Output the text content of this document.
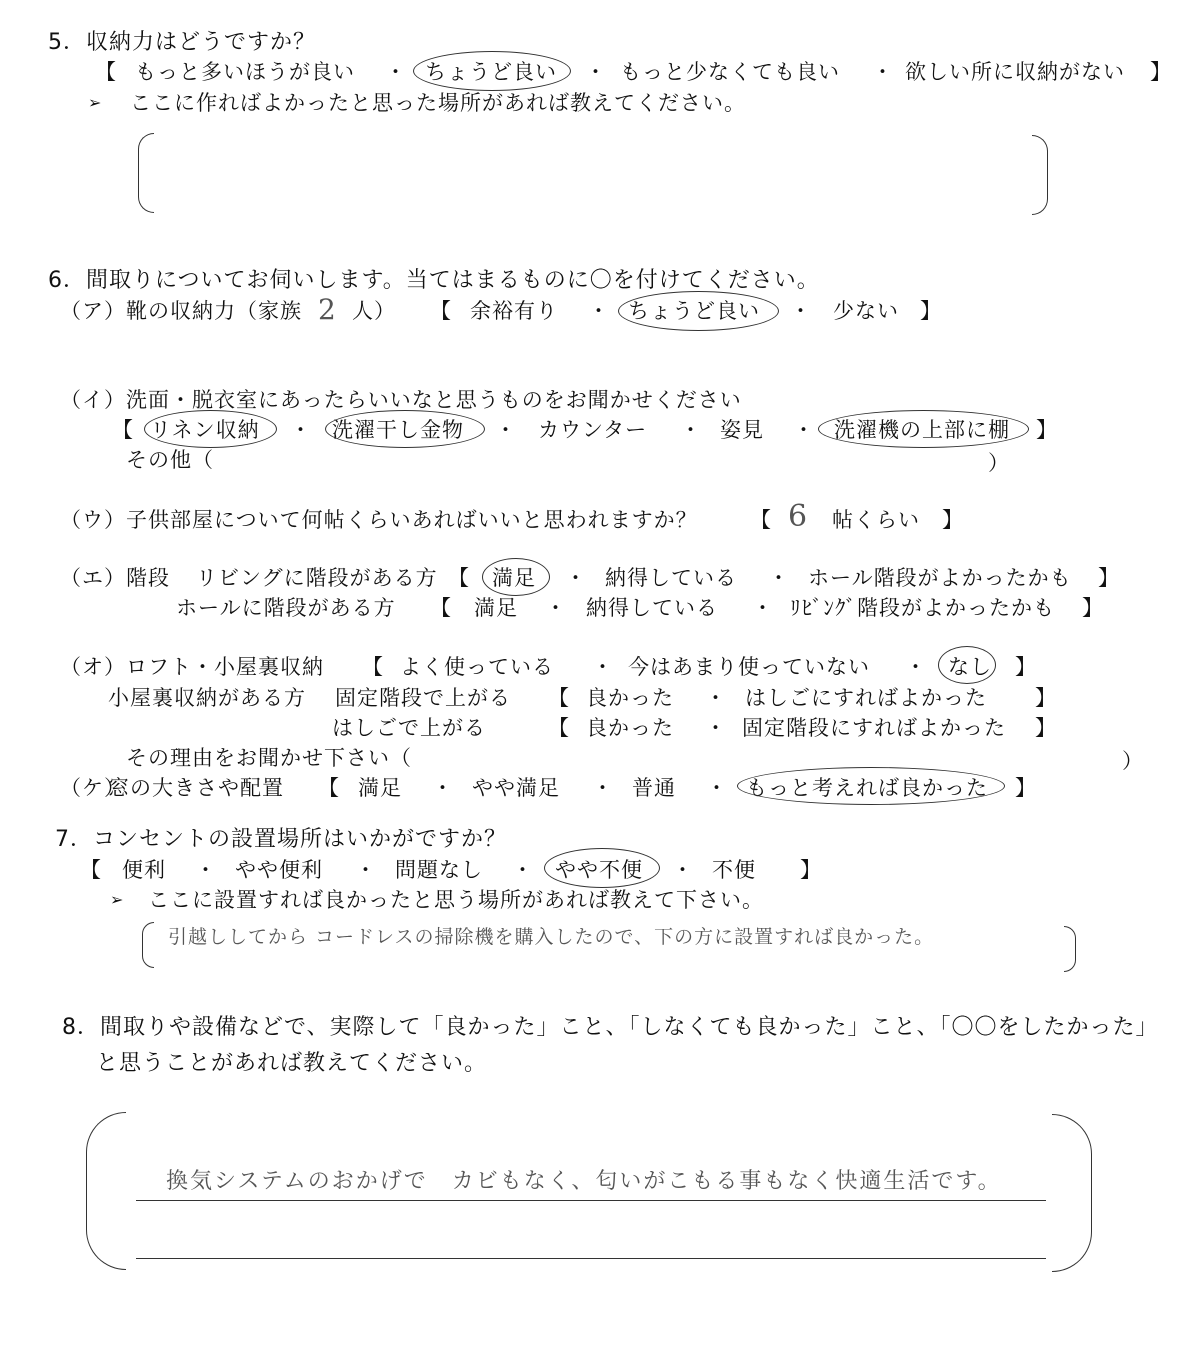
5．収納力はどうですか？
【 もっと多いほうが良い ・ ちょうど良い ・ もっと少なくても良い ・ 欲しい所に収納がない 】
➢ ここに作ればよかったと思った場所があれば教えてください。
6．間取りについてお伺いします。当てはまるものに〇を付けてください。
（ア） 靴の収納力（家族 2 人） 【 余裕有り ・ ちょうど良い ・ 少ない 】
（イ） 洗面・脱衣室にあったらいいなと思うものをお聞かせください
【 リネン収納 ・ 洗濯干し金物 ・ カウンター ・ 姿見 ・ 洗濯機の上部に棚 】
その他（	）
（ウ） 子供部屋について何帖くらいあればいいと思われますか？ 【 6 帖くらい 】
（エ） 階段 リビングに階段がある方 【 満足 ・ 納得している ・ ホール階段がよかったかも 】
ホールに階段がある方 【 満足 ・ 納得している ・ ﾘﾋﾞﾝｸﾞ階段がよかったかも 】
（オ） ロフト・小屋裏収納 【 よく使っている ・ 今はあまり使っていない ・ なし 】
小屋裏収納がある方 固定階段で上がる 【 良かった ・ はしごにすればよかった 】
はしごで上がる	【 良かった ・ 固定階段にすればよかった 】
その理由をお聞かせ下さい（	）
（ケ）
窓の大きさや配置 【 満足 ・ やや満足 ・ 普通 ・ もっと考えれば良かった 】
7．コンセントの設置場所はいかがですか？
【 便利 ・ やや便利 ・ 問題なし ・ やや不便 ・ 不便 】
➢ ここに設置すれば良かったと思う場所があれば教えて下さい。
引越ししてから コードレスの掃除機を購入したので、下の方に設置すれば良かった。
8．間取りや設備などで、実際して「良かった」こと、「しなくても良かった」こと、「〇〇をしたかった」
と思うことがあれば教えてください。
換気システムのおかげで　カビもなく、匂いがこもる事もなく快適生活です。
